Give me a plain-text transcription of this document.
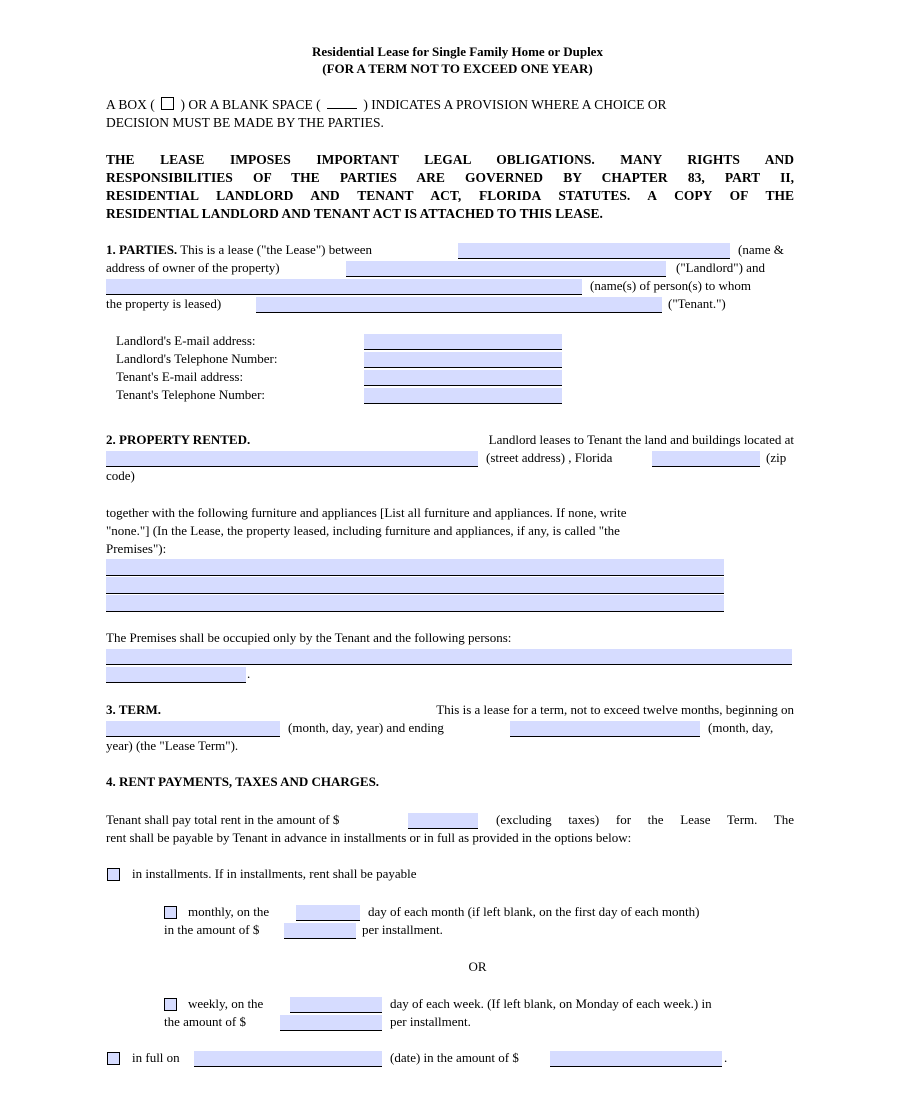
Residential Lease for Single Family Home or Duplex
(FOR A TERM NOT TO EXCEED ONE YEAR)
A BOX ( ) OR A BLANK SPACE (	) INDICATES A PROVISION WHERE A CHOICE OR
DECISION MUST BE MADE BY THE PARTIES.
THE LEASE IMPOSES IMPORTANT LEGAL OBLIGATIONS. MANY RIGHTS AND
RESPONSIBILITIES OF THE PARTIES ARE GOVERNED BY CHAPTER 83, PART II,
RESIDENTIAL LANDLORD AND TENANT ACT, FLORIDA STATUTES. A COPY OF THE
RESIDENTIAL LANDLORD AND TENANT ACT IS ATTACHED TO THIS LEASE.
1. PARTIES. This is a lease ("the Lease") between	(name &
address of owner of the property)	("Landlord") and
(name(s) of person(s) to whom
the property is leased)	("Tenant.")
Landlord's E-mail address:
Landlord's Telephone Number:
Tenant's E-mail address:
Tenant's Telephone Number:
2. PROPERTY RENTED.	Landlord leases to Tenant the land and buildings located at
(street address) , Florida	(zip
code)
together with the following furniture and appliances [List all furniture and appliances. If none, write
"none."] (In the Lease, the property leased, including furniture and appliances, if any, is called "the
Premises"):
The Premises shall be occupied only by the Tenant and the following persons:
.
3. TERM.	This is a lease for a term, not to exceed twelve months, beginning on
(month, day, year) and ending	(month, day,
year) (the "Lease Term").
4. RENT PAYMENTS, TAXES AND CHARGES.
Tenant shall pay total rent in the amount of $	(excluding taxes) for the Lease Term. The
rent shall be payable by Tenant in advance in installments or in full as provided in the options below:
in installments. If in installments, rent shall be payable
monthly, on the	day of each month (if left blank, on the first day of each month)
in the amount of $	per installment.
OR
weekly, on the	day of each week. (If left blank, on Monday of each week.) in
the amount of $	per installment.
in full on	(date) in the amount of $	.
